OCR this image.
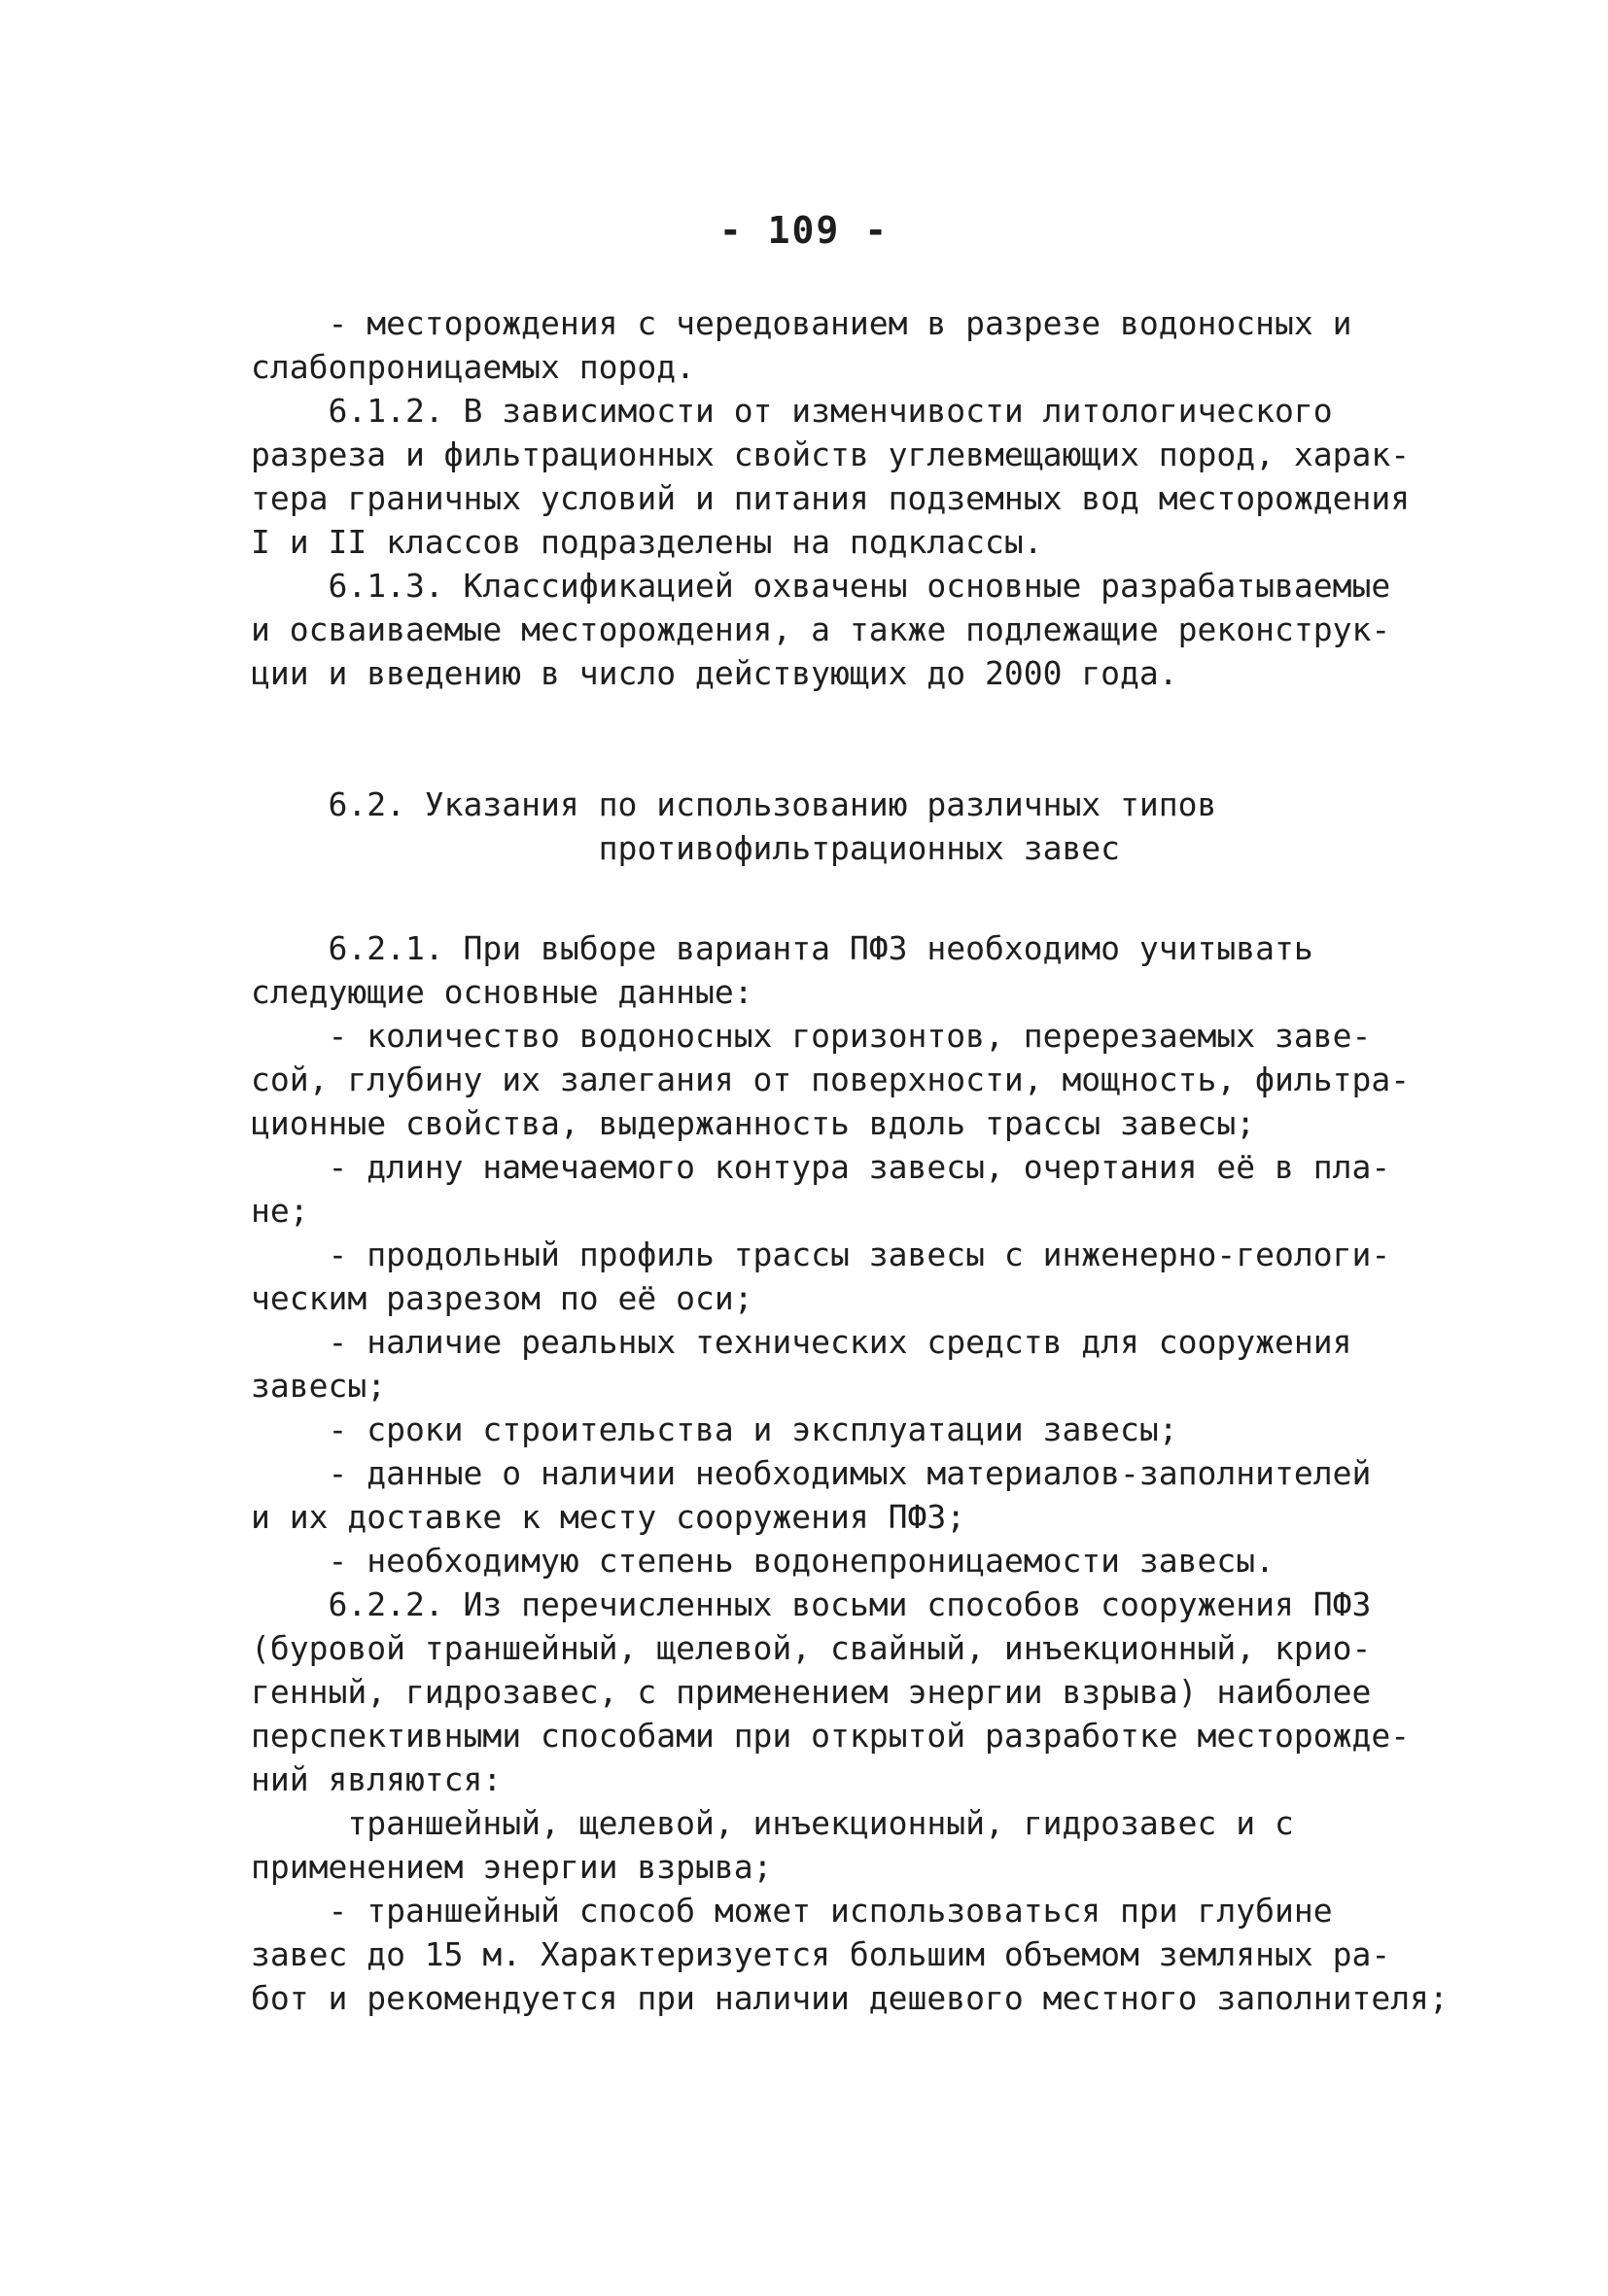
- 109 -
- месторождения с чередованием в разрезе водоносных и
слабопроницаемых пород.
6.1.2. В зависимости от изменчивости литологического
разреза и фильтрационных свойств углевмещающих пород, харак-
тера граничных условий и питания подземных вод месторождения
I и II классов подразделены на подклассы.
6.1.3. Классификацией охвачены основные разрабатываемые
и осваиваемые месторождения, а также подлежащие реконструк-
ции и введению в число действующих до 2000 года.
6.2. Указания по использованию различных типов
противофильтрационных завес
6.2.1. При выборе варианта ПФЗ необходимо учитывать
следующие основные данные:
- количество водоносных горизонтов, перерезаемых заве-
сой, глубину их залегания от поверхности, мощность, фильтра-
ционные свойства, выдержанность вдоль трассы завесы;
- длину намечаемого контура завесы, очертания её в пла-
не;
- продольный профиль трассы завесы с инженерно-геологи-
ческим разрезом по её оси;
- наличие реальных технических средств для сооружения
завесы;
- сроки строительства и эксплуатации завесы;
- данные о наличии необходимых материалов-заполнителей
и их доставке к месту сооружения ПФЗ;
- необходимую степень водонепроницаемости завесы.
6.2.2. Из перечисленных восьми способов сооружения ПФЗ
(буровой траншейный, щелевой, свайный, инъекционный, крио-
генный, гидрозавес, с применением энергии взрыва) наиболее
перспективными способами при открытой разработке месторожде-
ний являются:
траншейный, щелевой, инъекционный, гидрозавес и с
применением энергии взрыва;
- траншейный способ может использоваться при глубине
завес до 15 м. Характеризуется большим объемом земляных ра-
бот и рекомендуется при наличии дешевого местного заполнителя;
